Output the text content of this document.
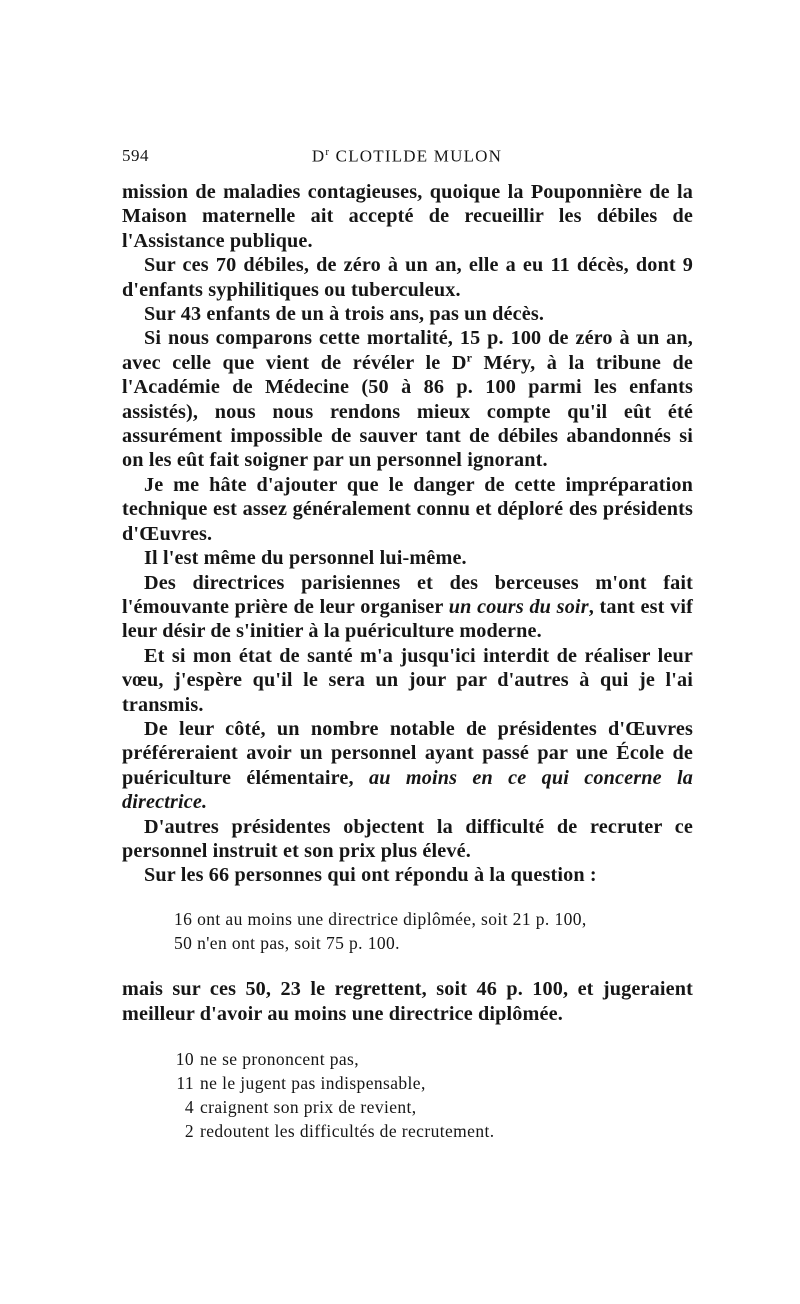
594	$D^r$ CLOTILDE MULON

mission de maladies contagieuses, quoique la Pouponnière de la Maison maternelle ait accepté de recueillir les débiles de l'Assistance publique.

Sur ces 70 débiles, de zéro à un an, elle a eu 11 décès, dont 9 d'enfants syphilitiques ou tuberculeux.

Sur 43 enfants de un à trois ans, pas un décès.

Si nous comparons cette mortalité, 15 p. 100 de zéro à un an, avec celle que vient de révéler le $D^r$ Méry, à la tribune de l'Académie de Médecine (50 à 86 p. 100 parmi les enfants assistés), nous nous rendons mieux compte qu'il eût été assurément impossible de sauver tant de débiles abandonnés si on les eût fait soigner par un personnel ignorant.

Je me hâte d'ajouter que le danger de cette impréparation technique est assez généralement connu et déploré des présidents d'Œuvres.

Il l'est même du personnel lui-même.

Des directrices parisiennes et des berceuses m'ont fait l'émouvante prière de leur organiser un cours du soir, tant est vif leur désir de s'initier à la puériculture moderne.

Et si mon état de santé m'a jusqu'ici interdit de réaliser leur vœu, j'espère qu'il le sera un jour par d'autres à qui je l'ai transmis.

De leur côté, un nombre notable de présidentes d'Œuvres préféreraient avoir un personnel ayant passé par une École de puériculture élémentaire, au moins en ce qui concerne la directrice.

D'autres présidentes objectent la difficulté de recruter ce personnel instruit et son prix plus élevé.

Sur les 66 personnes qui ont répondu à la question :

16 ont au moins une directrice diplômée, soit 21 p. 100,
50 n'en ont pas, soit 75 p. 100.

mais sur ces 50, 23 le regrettent, soit 46 p. 100, et jugeraient meilleur d'avoir au moins une directrice diplômée.

10 ne se prononcent pas,
11 ne le jugent pas indispensable,
4 craignent son prix de revient,
2 redoutent les difficultés de recrutement.
